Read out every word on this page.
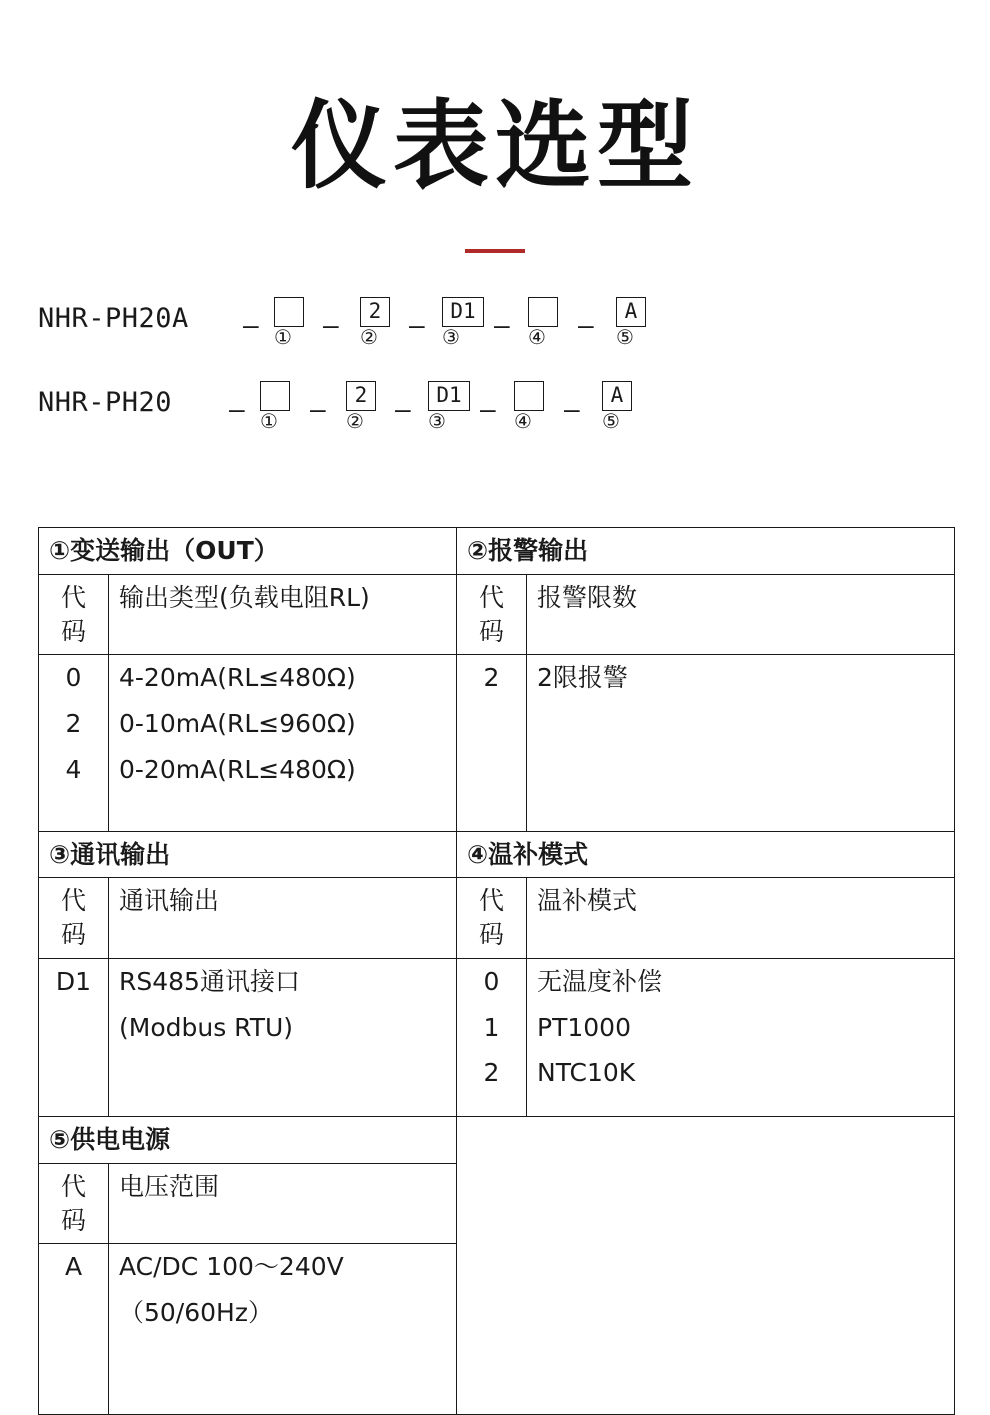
仪表选型
NHR-PH20A — ①	—	2
②	—	D1
③	— ④	—	A
⑤
NHR-PH20 — ①	—	2
②	—	D1
③	— ④	—	A
⑤
①变送输出（OUT）		②报警输出	
代码	输出类型(负载电阻RL)	代码	报警限数
0	4-20mA(RL≤480Ω)	2	2限报警
2	0-10mA(RL≤960Ω)		
4	0-20mA(RL≤480Ω)		
③通讯输出		④温补模式	
代码	通讯输出	代码	温补模式
D1	RS485通讯接口	0	无温度补偿
	(Modbus RTU)	1	PT1000
		2	NTC10K
⑤供电电源			
代码	电压范围		
A	AC/DC 100～240V		
	（50/60Hz）		
